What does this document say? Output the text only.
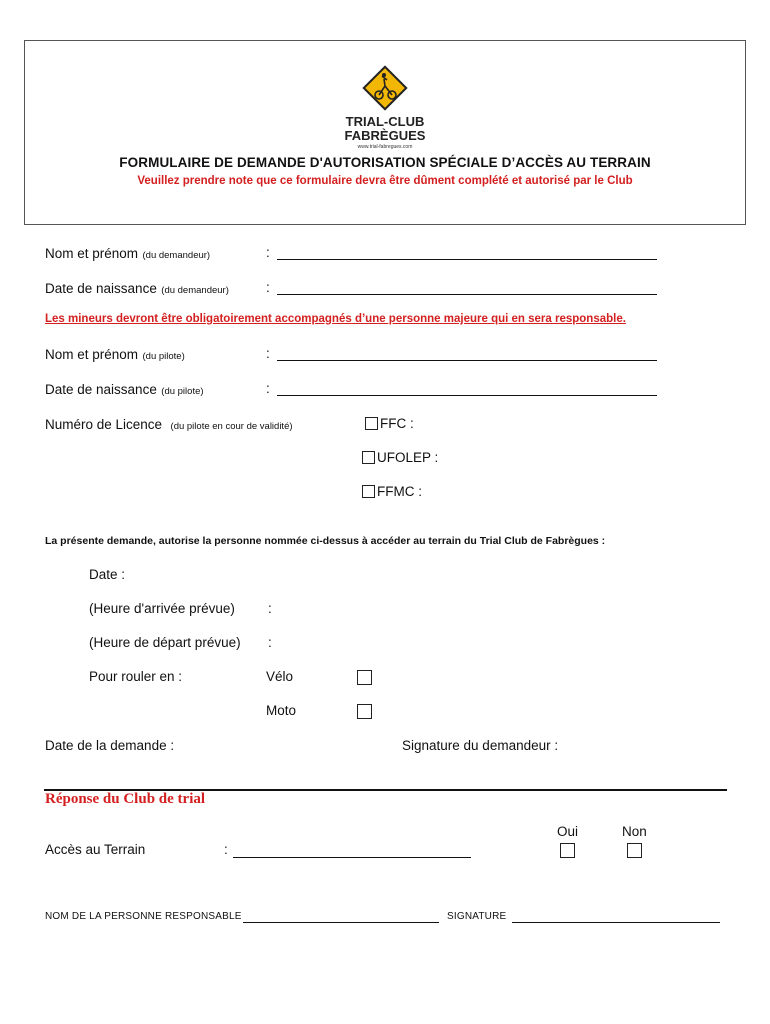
TRIAL-CLUB
FABRÈGUES
www.trial-fabregues.com
FORMULAIRE DE DEMANDE D'AUTORISATION SPÉCIALE D’ACCÈS AU TERRAIN
Veuillez prendre note que ce formulaire devra être dûment complété et autorisé par le Club
Nom et prénom (du demandeur)	:
Date de naissance (du demandeur)	:
Les mineurs devront être obligatoirement accompagnés d’une personne majeure qui en sera responsable.
Nom et prénom (du pilote)	:
Date de naissance (du pilote)	:
Numéro de Licence (du pilote en cour de validité)	FFC :
UFOLEP :
FFMC :
La présente demande, autorise la personne nommée ci-dessus à accéder au terrain du Trial Club de Fabrègues :
Date :
(Heure d'arrivée prévue) :
(Heure de départ prévue) :
Pour rouler en :	Vélo
Moto
Date de la demande :	Signature du demandeur :
Réponse du Club de trial
Oui	Non
Accès au Terrain	:
NOM DE LA PERSONNE RESPONSABLE	SIGNATURE
